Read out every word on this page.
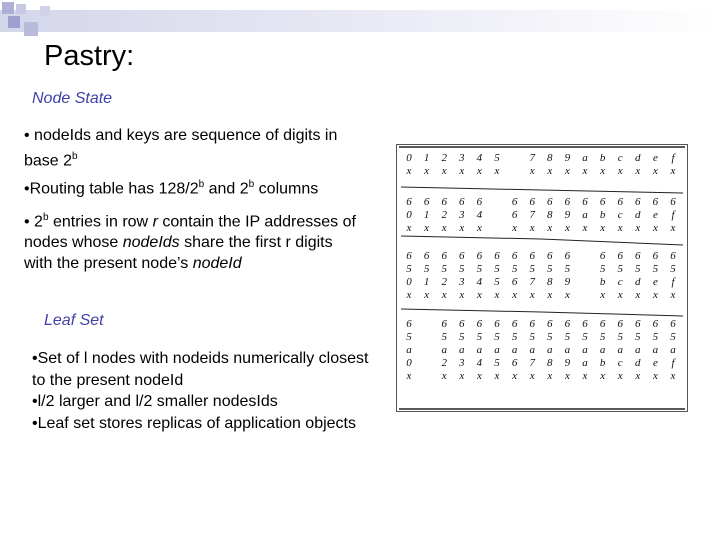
Pastry:
Node State
• nodeIds and keys are sequence of digits in base 2$^b$
•Routing table has 128/2$^b$ and 2$^b$ columns
• 2$^b$ entries in row r contain the IP addresses of nodes whose nodeIds share the first r digits with the present node’s nodeId
Leaf Set
•Set of l nodes with nodeids numerically closest to the present nodeId
•l/2 larger and l/2 smaller nodesIds
•Leaf set stores replicas of application objects
0
x
1
x
2
x
3
x
4
x
5
x
7
x
8
x
9
x
a
x
b
x
c
x
d
x
e
x
f
x
6
0
x
6
1
x
6
2
x
6
3
x
6
4
x
6
6
x
6
7
x
6
8
x
6
9
x
6
a
x
6
b
x
6
c
x
6
d
x
6
e
x
6
f
x
6
5
0
x
6
5
1
x
6
5
2
x
6
5
3
x
6
5
4
x
6
5
5
x
6
5
6
x
6
5
7
x
6
5
8
x
6
5
9
x
6
5
b
x
6
5
c
x
6
5
d
x
6
5
e
x
6
5
f
x
6
5
a
0
x
6
5
a
2
x
6
5
a
3
x
6
5
a
4
x
6
5
a
5
x
6
5
a
6
x
6
5
a
7
x
6
5
a
8
x
6
5
a
9
x
6
5
a
a
x
6
5
a
b
x
6
5
a
c
x
6
5
a
d
x
6
5
a
e
x
6
5
a
f
x
